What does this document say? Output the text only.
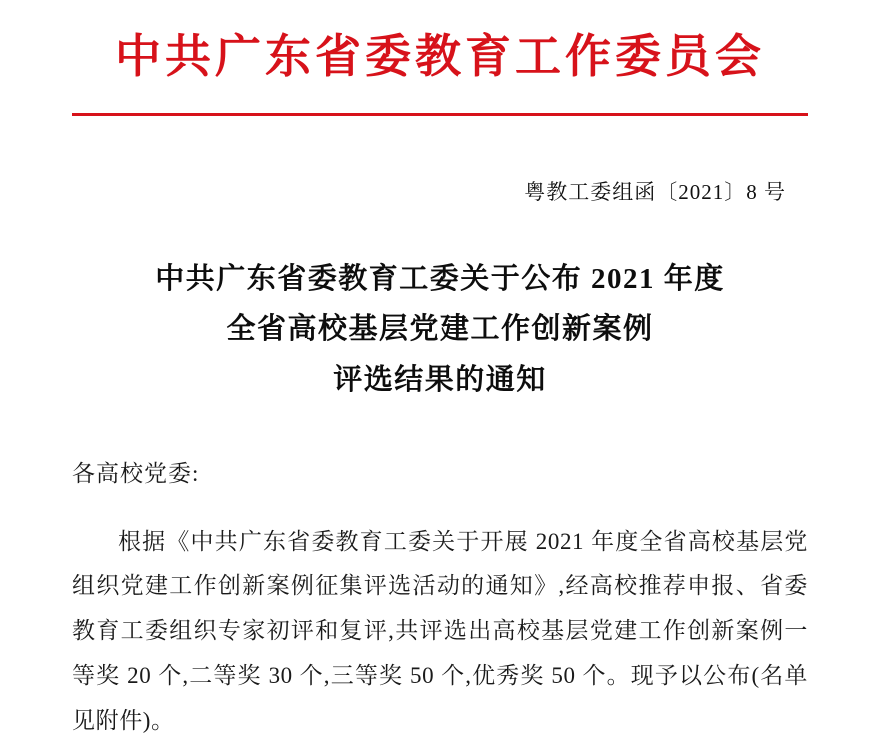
中共广东省委教育工作委员会
粤教工委组函〔2021〕8 号
中共广东省委教育工委关于公布 2021 年度
全省高校基层党建工作创新案例
评选结果的通知
各高校党委:

根据《中共广东省委教育工委关于开展 2021 年度全省高校基层党组织党建工作创新案例征集评选活动的通知》,经高校推荐申报、省委教育工委组织专家初评和复评,共评选出高校基层党建工作创新案例一等奖 20 个,二等奖 30 个,三等奖 50 个,优秀奖 50 个。现予以公布(名单见附件)。
